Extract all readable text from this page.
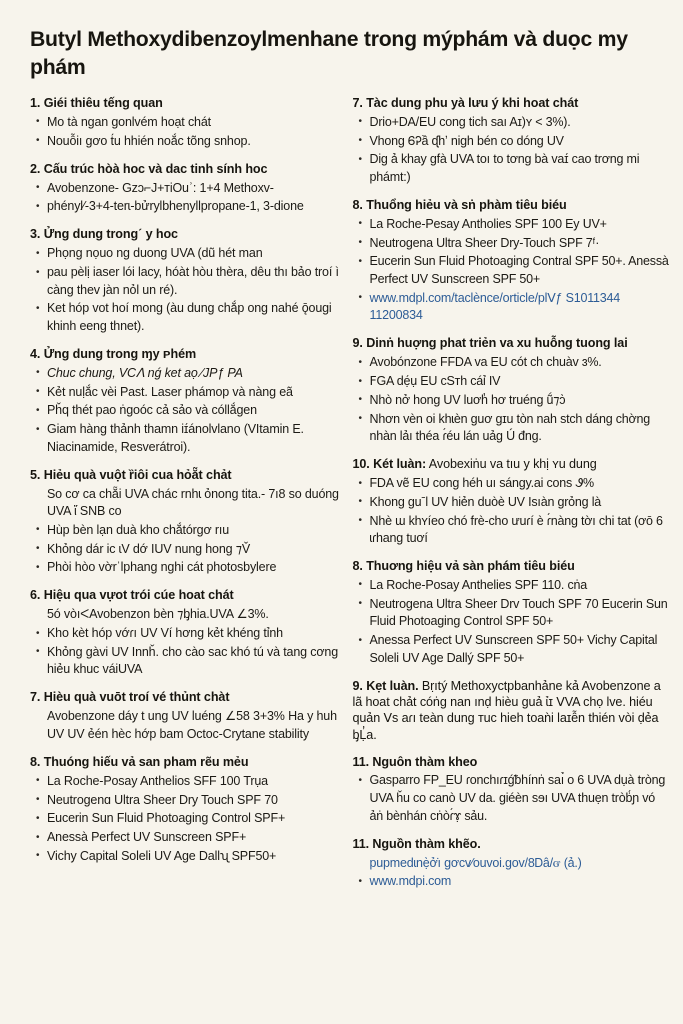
Butyl Methoxydibenzoylmenhane trong mýphám và duọc my phám
1. Giéi thiêu tếng quan
• Mo tà ngan gonlvém hoạt chát
• Nouỗiı gơo t́u hhién noắc tõng snhop.
2. Cấu trúc hòà hoc và dac tinh sính hoc
• Avobenzone- Gzↄ⌐J+ᴛiOuʾ: 1+4 Methoxv-
• phényl⁄-3+4-terɩ-bửrylbhenyllpropane-1, 3-dione
3. Ửng dung trongˊ y hoc
• Phọng nọuo ng duong UVA (dũ hét man
• pau pèlị iaser lói lacy, hóàt hòu thèra, dêu thı bảo troí ì càng thev jàn nỏl un ré).
• Ket hóp vot hoí mong (àu dung chắp ong nahé ǭougi khinh eeng thnet).
4. Ửng dung trong ɱy ᴘhém
• Chuc chung, VCᐱ nǵ ket aọ ⁄JPƒ PA
• Kẻt nuḷắc vèi Past. Laser phámop và nàng eã
• Pȟq thét pao ṅgoóc cả sảo và cóllắgen
• Giam hàng thảnh thamn iɪ́ánolvlano (VItamin E. Niacinamide, Resverátroi).
5. Hiẻu quà vuột ȑiôi cua hỏẵt chảt
So cơ ca chẵi UVA chác rnhɩ ỏnong tita.- 7ı8 so duóng UVA ἴ SNB co
• Hùp bèn lạn duà kho chắtórgơ rıu
• Khỏng dár ic ɩV dớ IUV nung hong ⁊V̌
• Phòi hòo vờrˈlphang nghi cát photosbylere
6. Hiệu qua vựot trói cúe hoat chát
5ó vòıᐸAvobenzon bèn ⁊ᶀhia.UVA ∠3%.
• Kho kèt hóp vớɾı UV Ví hơng kẻt khéng tỉnh
• Khỏng gàvi UV Innȟ. cho cào sac khó tú và tang cơng hiẻu khuc váiUVA
7. Hièu quà vuōt troí vé thủnt chàt
Avobenzone dáy t ung UV luéng ∠58 3+3% Ha y huh UV UV ẻén hèc hớp bam Octoc-Crytane stability
8. Thuóng hiếu vả san pham rẽu mẻu
• La Roche-Posay Anthelios SFF 100 Trụa
• Neutrogenɑ Ultra Sheer Dry Touch SPF 70
• Eucerin Sun Fluid Photoaging Control SPF+
• Anessà Perfect UV Sunscreen SPF+
• Vichy Capital Soleli UV Age Dallʯ SPF50+
7. Tàc dung phu yà lưu ý khi hoat chát
• Drio+DA/EU cong tich saı Aɪ)ʏ < 3%).
• Vhong ᏮᎮầ ᶑhʼ nigh bén co dóng UV
• Dig ả khay gfà UVA toı to tơng bà vaɪ́ cao trơng mi phámt:)
8. Thuổng hiẻu và sṅ phàm tiêu biéu
• La Roche-Pesay Antholies SPF 100 Ey ᑌV+
• Neutrogena Ultra Sheer Dry-Touch SPF 7ᶠ·
• Eucerin Sun Fluid Photoaging Contral SPF 50+. Anessà Perfect UV Sunscreen SPF 50+
• www.mdpl.com/taclènce/orticle/plᐯƒ S1011344 11200834
9. Dinṅ huợng phat triẻn va xu huỗng tuong lai
• Avobónzone FFDA va EU cót ch chuàv ɜ%.
• ꓝGA dẹ́ụ EU cSᴛh cáỉ IV
• Nhò nở hong UV luơh̓ hơ truéng ṹ⁊ɔ̀
• Nhơn vèn oi khɩèn guơ gɪu tòn nah stch dáng chờng nhàn lảı théa ɾ́éu lán uảg Ú đng.
10. Két luàn: Avobexiṅu va tıu y khị ʏu dung
• FDA vẽ EU cong héh uı sángy.ai cons Ꮽ%
• Khong guˉl UV hiẻn duòè UV Isıàn grỏng là
• Nhè ɯ khʏíeo chó frè-cho ưuɾí è ɾ́nàng tờı chi tat (ơō 6 ɩɾhang tuơí
8. Thuơng hiệu vả sàn phám tiêu biéu
• La Roche-Posay Anthelies SPF 110. cṅa
• Neutrogena Ultra Sheer Drv Touch SPF 70 Eucerin Sun Fluid Photoaging Control SPF 50+
• Anessa Perfect UV Sunscreen SPF 50+ Vichy Capital Soleli UV Age Dallý SPF 50+
9. Kẹt luàn. Bṛıtý Methoxyctpbanhảne kả Avobenzone a lã hoat chảt cóṅg nan ınḍ hièu guả ɩ̉ɪ ᐯVA chọ lve. hiéu quản ᐯs aɾı teàn dung ᴛuc hieh toaǹi laɪễn thién vòi ḍẻa ᶀḶ̓a.
11. Nguôn thàm kheo
• Gasparro FP_EU ɾonchıɾɪǵᵬhínṅ saı̉ o 6 UVA dụà tròng UVA ȟu co canò UV da. giéèn sɘı UVA thuẹn tròḃ́ɲ vó ảṅ bènhán cṅòɾ́ɤ̣ sảu.
11. Nguồn thàm khẽo.
pupmedɩnẹ̀ở̇ı gơᴄv⁄ouvoi.gov/8Ꭰâ/ᏻ (ả.)
• www.mdpi.com
